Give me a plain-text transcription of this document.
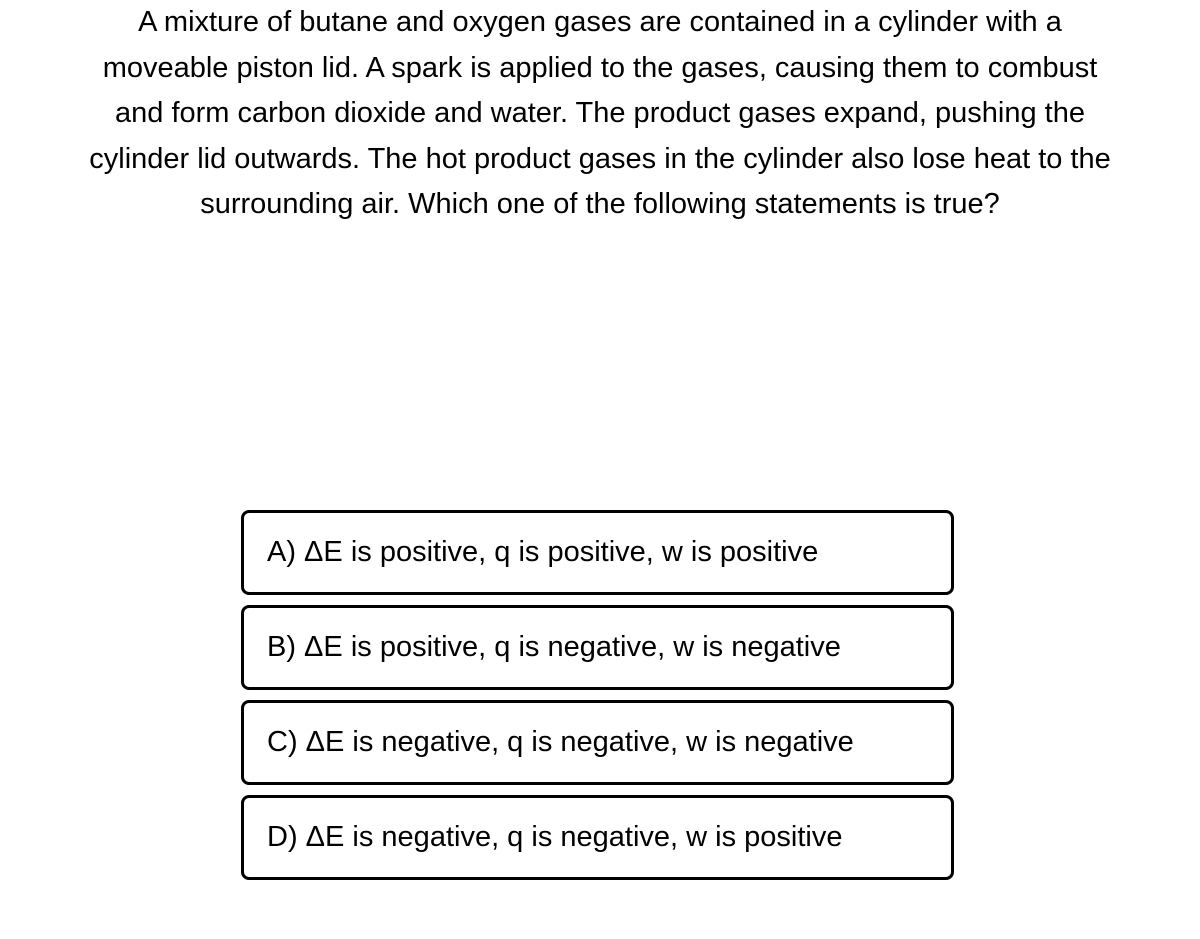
A mixture of butane and oxygen gases are contained in a cylinder with a
moveable piston lid. A spark is applied to the gases, causing them to combust
and form carbon dioxide and water. The product gases expand, pushing the
cylinder lid outwards. The hot product gases in the cylinder also lose heat to the
surrounding air. Which one of the following statements is true?
A) ΔE is positive, q is positive, w is positive
B) ΔE is positive, q is negative, w is negative
C) ΔE is negative, q is negative, w is negative
D) ΔE is negative, q is negative, w is positive
